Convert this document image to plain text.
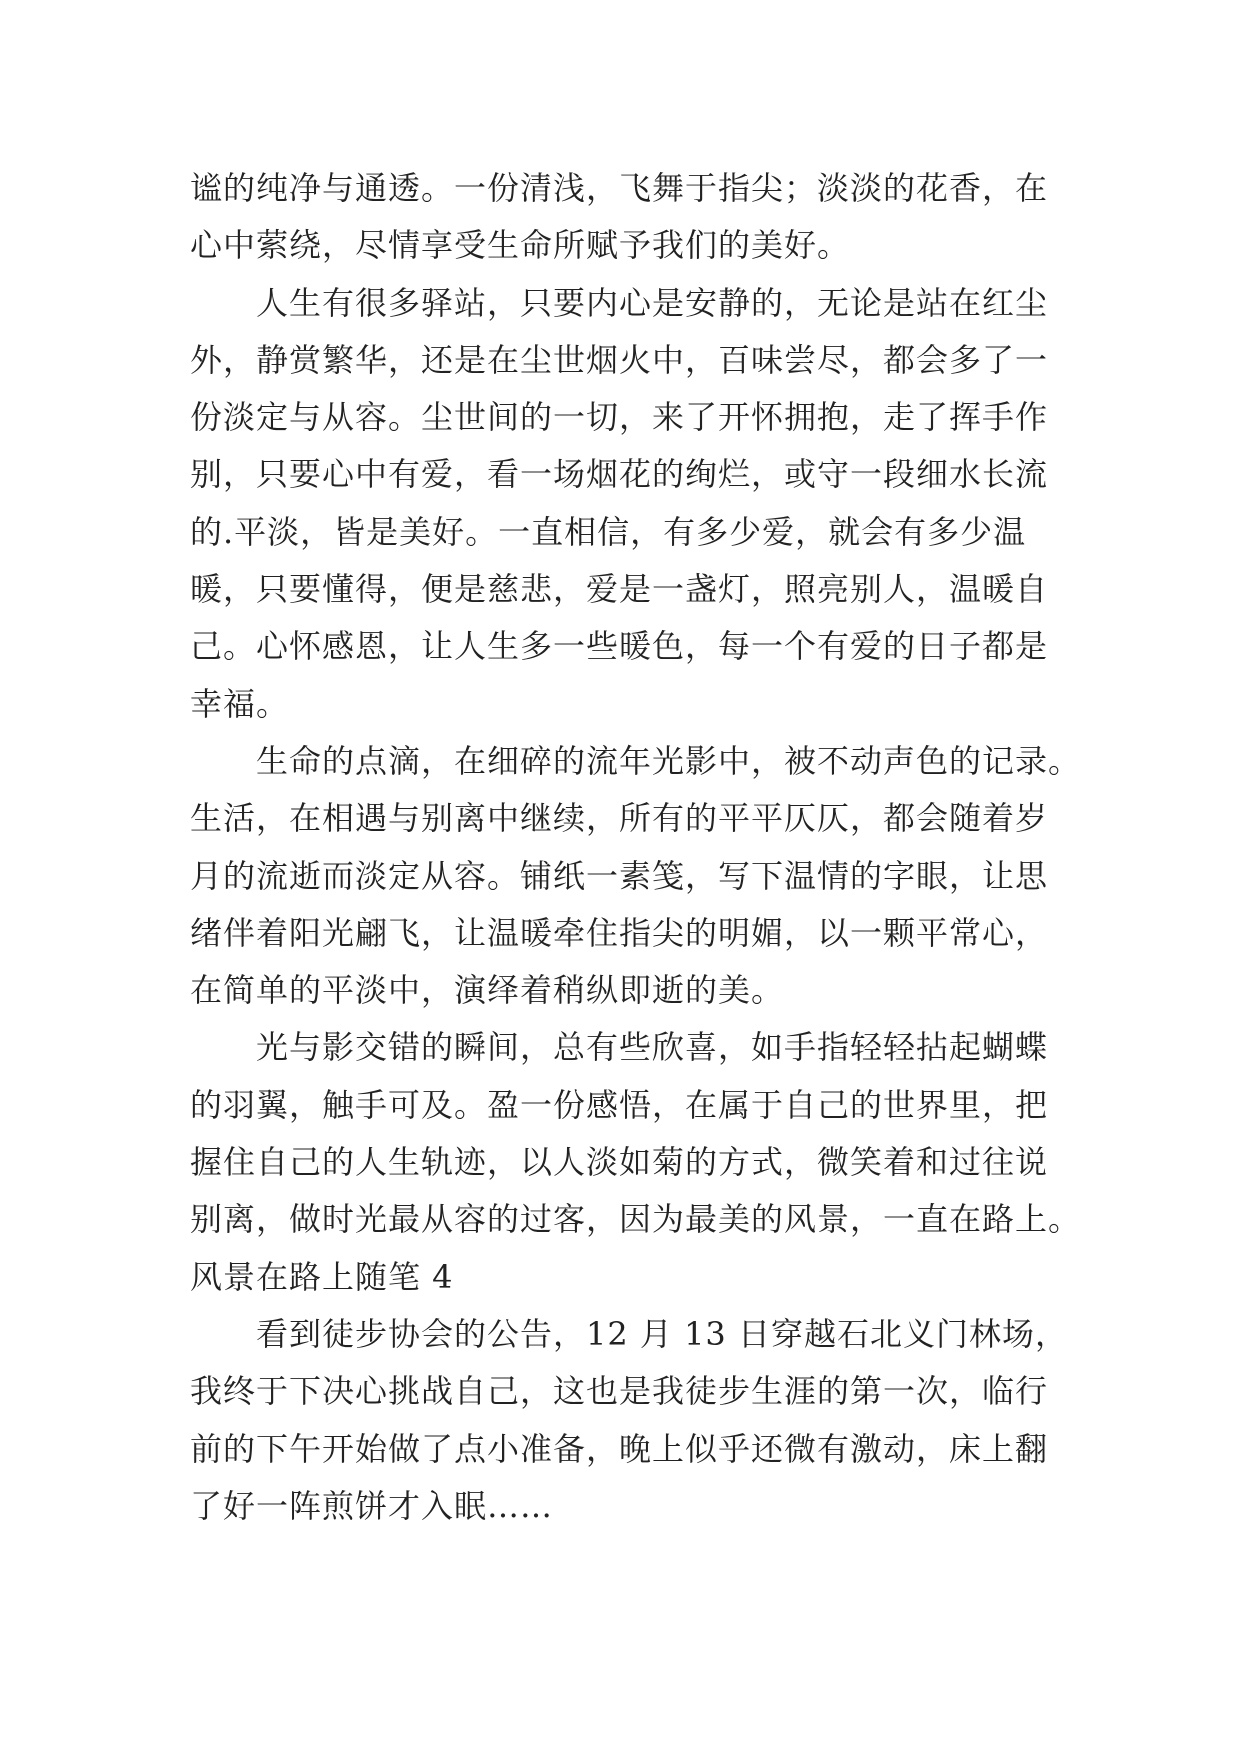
谧的纯净与通透。一份清浅，飞舞于指尖；淡淡的花香，在
心中萦绕，尽情享受生命所赋予我们的美好。
人生有很多驿站，只要内心是安静的，无论是站在红尘
外，静赏繁华，还是在尘世烟火中，百味尝尽，都会多了一
份淡定与从容。尘世间的一切，来了开怀拥抱，走了挥手作
别，只要心中有爱，看一场烟花的绚烂，或守一段细水长流
的.平淡，皆是美好。一直相信，有多少爱，就会有多少温
暖，只要懂得，便是慈悲，爱是一盏灯，照亮别人，温暖自
己。心怀感恩，让人生多一些暖色，每一个有爱的日子都是
幸福。
生命的点滴，在细碎的流年光影中，被不动声色的记录。
生活，在相遇与别离中继续，所有的平平仄仄，都会随着岁
月的流逝而淡定从容。铺纸一素笺，写下温情的字眼，让思
绪伴着阳光翩飞，让温暖牵住指尖的明媚，以一颗平常心，
在简单的平淡中，演绎着稍纵即逝的美。
光与影交错的瞬间，总有些欣喜，如手指轻轻拈起蝴蝶
的羽翼，触手可及。盈一份感悟，在属于自己的世界里，把
握住自己的人生轨迹，以人淡如菊的方式，微笑着和过往说
别离，做时光最从容的过客，因为最美的风景，一直在路上。
风景在路上随笔 4
看到徒步协会的公告，12 月 13 日穿越石北义门林场，
我终于下决心挑战自己，这也是我徒步生涯的第一次，临行
前的下午开始做了点小准备，晚上似乎还微有激动，床上翻
了好一阵煎饼才入眠……
